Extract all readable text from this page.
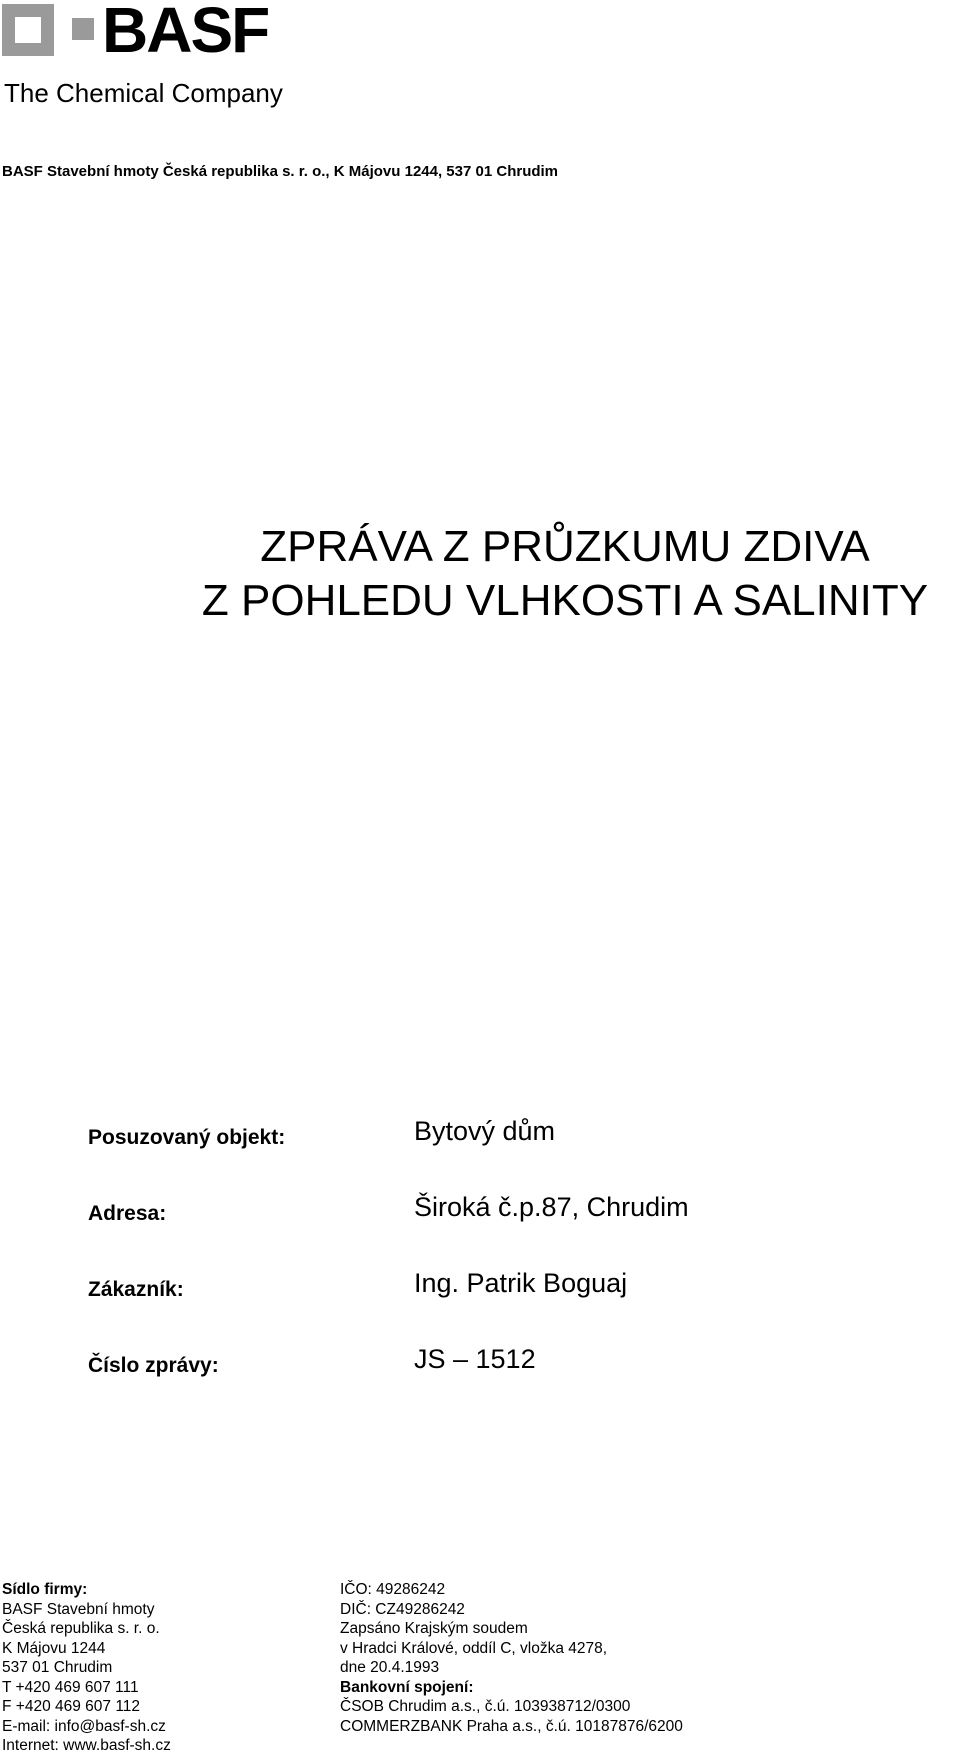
BASF
The Chemical Company
BASF Stavební hmoty Česká republika s. r. o., K Májovu 1244, 537 01 Chrudim
ZPRÁVA Z PRŮZKUMU ZDIVA
Z POHLEDU VLHKOSTI A SALINITY
Posuzovaný objekt:	Bytový dům
Adresa:	Široká č.p.87, Chrudim
Zákazník:	Ing. Patrik Boguaj
Číslo zprávy:	JS – 1512
Sídlo firmy:
BASF Stavební hmoty
Česká republika s. r. o.
K Májovu 1244
537 01 Chrudim
T +420 469 607 111
F +420 469 607 112
E-mail: info@basf-sh.cz
Internet: www.basf-sh.cz
IČO: 49286242
DIČ: CZ49286242
Zapsáno Krajským soudem
v Hradci Králové, oddíl C, vložka 4278,
dne 20.4.1993
Bankovní spojení:
ČSOB Chrudim a.s., č.ú. 103938712/0300
COMMERZBANK Praha a.s., č.ú. 10187876/6200
